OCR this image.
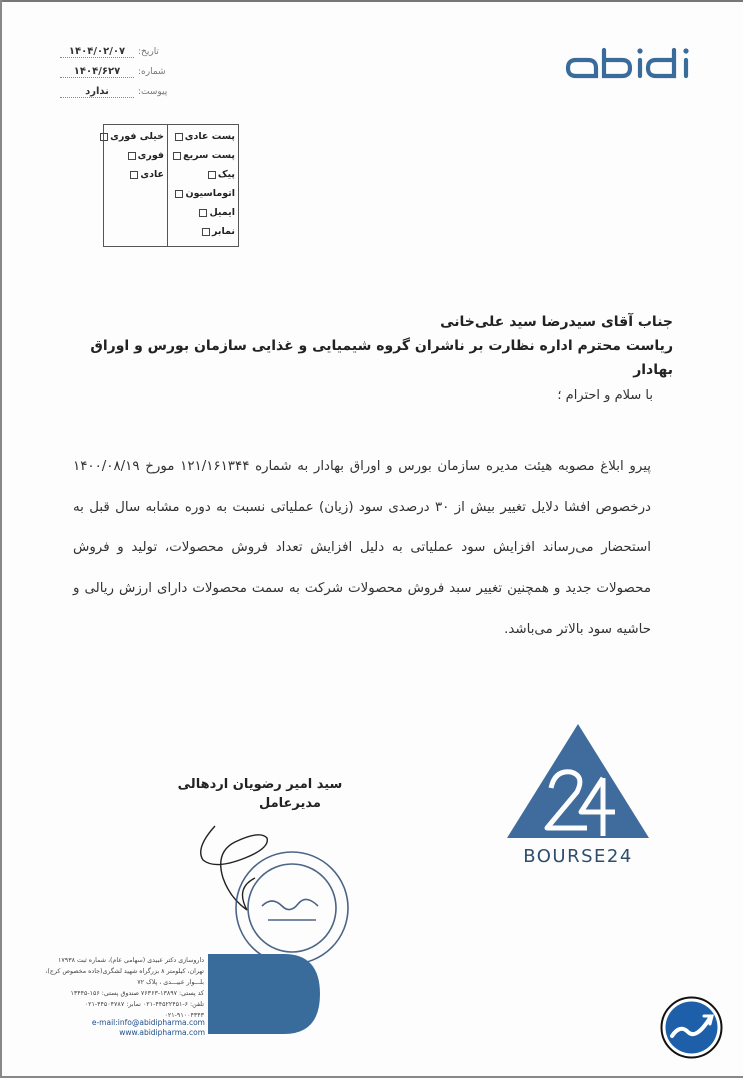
۱۴۰۴/۰۲/۰۷	تاریخ:
۱۴۰۴/۶۲۷	شماره:
ندارد	پیوست:
پست عادی
پست سریع
پیک
اتوماسیون
ایمیل
نمابر
خیلی فوری
فوری
عادی
جناب آقای سیدرضا سید علی‌خانی
ریاست محترم اداره نظارت بر ناشران گروه شیمیایی و غذایی سازمان بورس و اوراق بهادار
با سلام و احترام ؛
پیرو ابلاغ مصوبه هیئت مدیره سازمان بورس و اوراق بهادار به شماره ۱۲۱/۱۶۱۳۴۴ مورخ ۱۴۰۰/۰۸/۱۹ درخصوص افشا دلایل تغییر بیش از ۳۰ درصدی سود (زیان) عملیاتی نسبت به دوره مشابه سال قبل به استحضار می‌رساند افزایش سود عملیاتی به دلیل افزایش تعداد فروش محصولات، تولید و فروش محصولات جدید و همچنین تغییر سبد فروش محصولات شرکت به سمت محصولات دارای ارزش ریالی و حاشیه سود بالاتر می‌باشد.
BOURSE24
سید امیر رضویان اردهالی
مدیرعامل
داروسازی دکتر عبیدی (سهامی عام)، شماره ثبت ۱۷۹۳۸
تهران، کیلومتر ۸ بزرگراه شهید لشگری(جاده مخصوص کرج)،
بلـــوار عبیـــدی ، پلاک ۷۲
کد پستی: ۱۳۸۹۷-۷۶۳۶۳ صندوق پستی: ۱۵۶-۱۳۴۴۵
تلفن: ۶-۴۴۵۲۲۴۵۱-۰۲۱ نمابر: ۴۴۵۰۴۷۸۷-۰۲۱
۰۲۱-۹۱۰۰۴۳۴۳
e-mail:info@abidipharma.com
www.abidipharma.com
